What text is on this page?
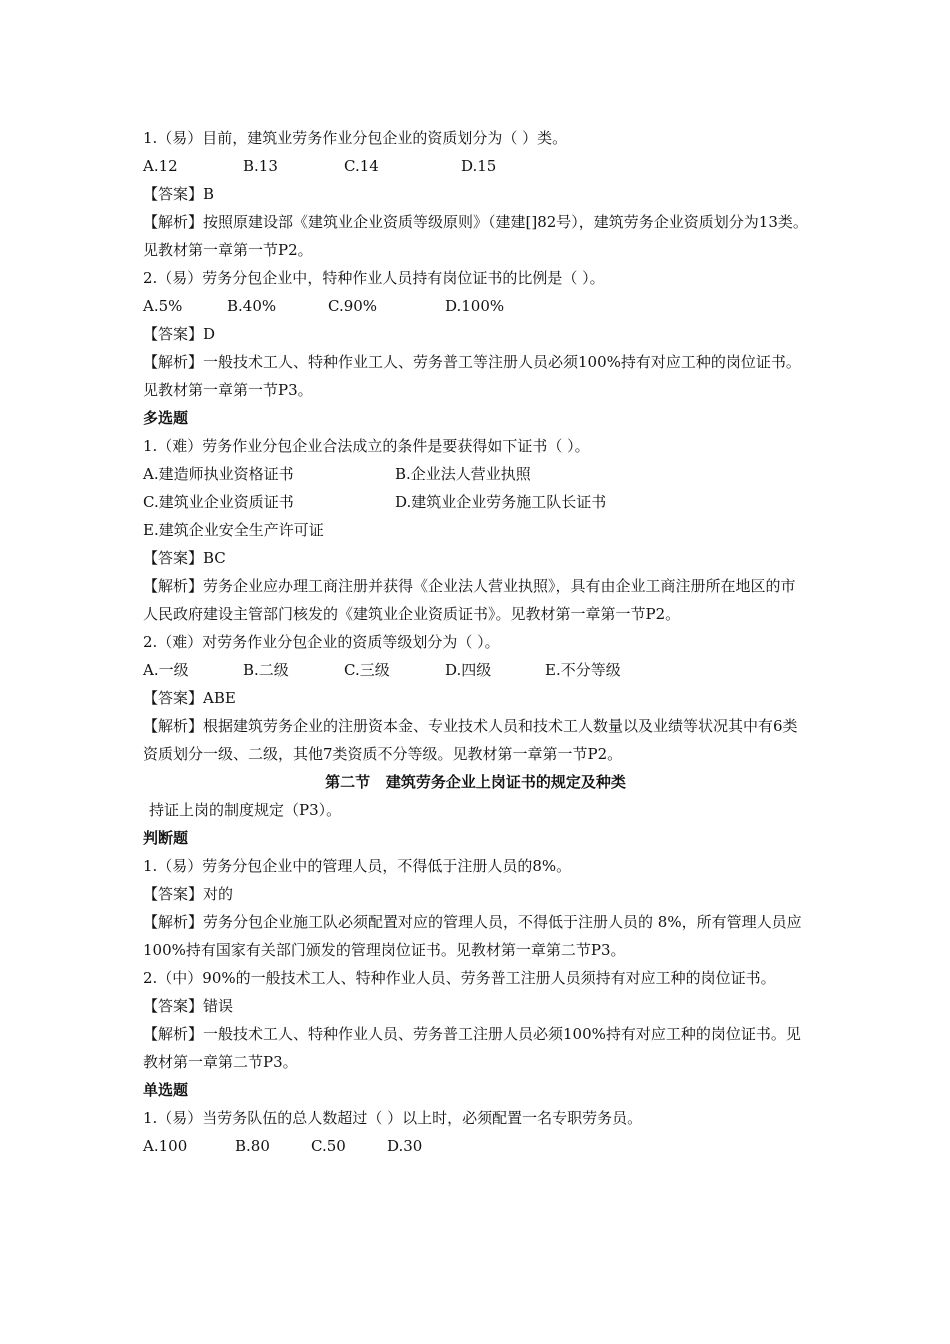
1.（易）目前，建筑业劳务作业分包企业的资质划分为（ ）类。
A.12	B.13	C.14	D.15
【答案】B
【解析】按照原建设部《建筑业企业资质等级原则》（建建[]82号），建筑劳务企业资质划分为13类。见教材第一章第一节P2。
2.（易）劳务分包企业中，特种作业人员持有岗位证书的比例是（ ）。
A.5%	B.40%	C.90%	D.100%
【答案】D
【解析】一般技术工人、特种作业工人、劳务普工等注册人员必须100%持有对应工种的岗位证书。见教材第一章第一节P3。
多选题
1.（难）劳务作业分包企业合法成立的条件是要获得如下证书（ ）。
A.建造师执业资格证书	B.企业法人营业执照
C.建筑业企业资质证书	D.建筑业企业劳务施工队长证书
E.建筑企业安全生产许可证
【答案】BC
【解析】劳务企业应办理工商注册并获得《企业法人营业执照》，具有由企业工商注册所在地区的市人民政府建设主管部门核发的《建筑业企业资质证书》。见教材第一章第一节P2。
2.（难）对劳务作业分包企业的资质等级划分为（ ）。
A.一级	B.二级	C.三级	D.四级	E.不分等级
【答案】ABE
【解析】根据建筑劳务企业的注册资本金、专业技术人员和技术工人数量以及业绩等状况其中有6类资质划分一级、二级，其他7类资质不分等级。见教材第一章第一节P2。
第二节   建筑劳务企业上岗证书的规定及种类
持证上岗的制度规定（P3）。
判断题
1.（易）劳务分包企业中的管理人员，不得低于注册人员的8%。
【答案】对的
【解析】劳务分包企业施工队必须配置对应的管理人员，不得低于注册人员的 8%，所有管理人员应100%持有国家有关部门颁发的管理岗位证书。见教材第一章第二节P3。
2.（中）90%的一般技术工人、特种作业人员、劳务普工注册人员须持有对应工种的岗位证书。
【答案】错误
【解析】一般技术工人、特种作业人员、劳务普工注册人员必须100%持有对应工种的岗位证书。见教材第一章第二节P3。
单选题
1.（易）当劳务队伍的总人数超过（ ）以上时，必须配置一名专职劳务员。
A.100	B.80	C.50	D.30
